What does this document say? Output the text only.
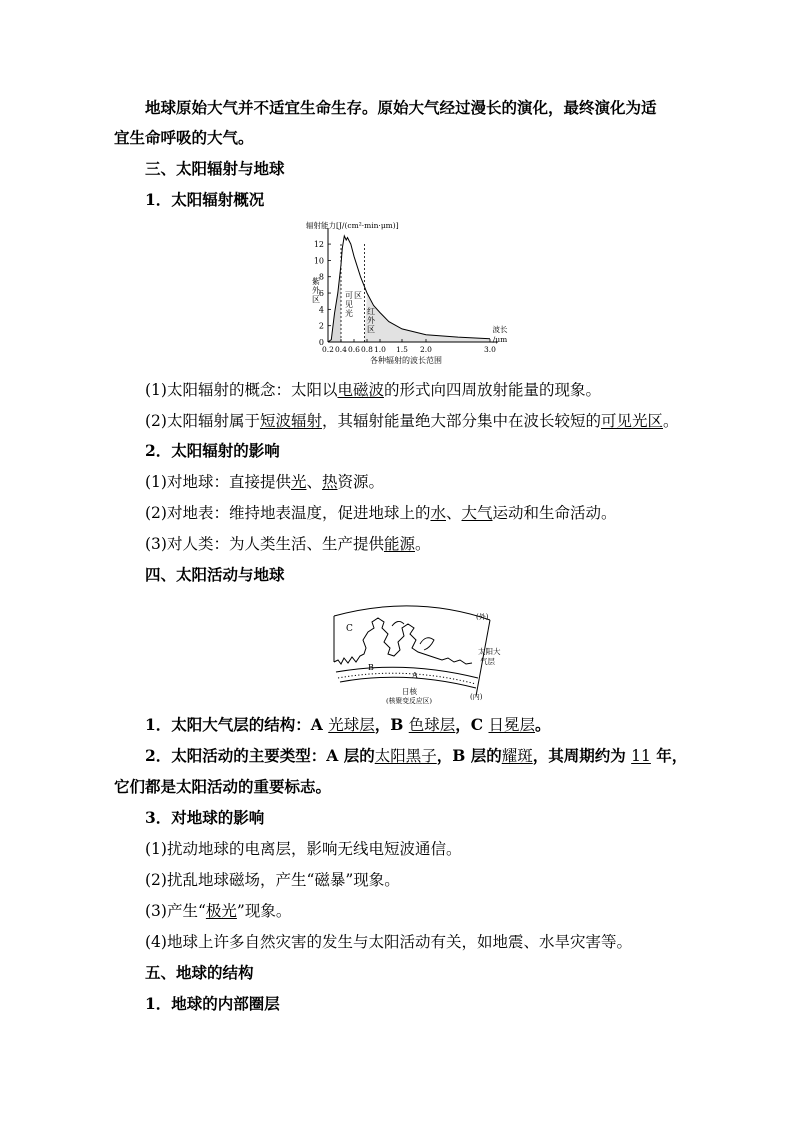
地球原始大气并不适宜生命生存。原始大气经过漫长的演化，最终演化为适
宜生命呼吸的大气。
三、太阳辐射与地球
1．太阳辐射概况
0
2
4
6
8
10
12
0.2 0.4 0.6 0.8 1.0 1.5 2.0	3.0
辐射能力[J/(cm²·min·μm)]
波长
/μm
各种辐射的波长范围
紫
外
区	可
见
光
区
红
外
区
(1)太阳辐射的概念：太阳以电磁波的形式向四周放射能量的现象。
(2)太阳辐射属于短波辐射，其辐射能量绝大部分集中在波长较短的可见光区。
2．太阳辐射的影响
(1)对地球：直接提供光、热资源。
(2)对地表：维持地表温度，促进地球上的水、大气运动和生命活动。
(3)对人类：为人类生活、生产提供能源。
四、太阳活动与地球
C
B
A
(外)
(内)
太阳大
气层
日核
(核聚变反应区)
1．太阳大气层的结构：A 光球层，B 色球层，C 日冕层。
2．太阳活动的主要类型：A 层的太阳黑子，B 层的耀斑，其周期约为 11 年，
它们都是太阳活动的重要标志。
3．对地球的影响
(1)扰动地球的电离层，影响无线电短波通信。
(2)扰乱地球磁场，产生“磁暴”现象。
(3)产生“极光”现象。
(4)地球上许多自然灾害的发生与太阳活动有关，如地震、水旱灾害等。
五、地球的结构
1．地球的内部圈层
